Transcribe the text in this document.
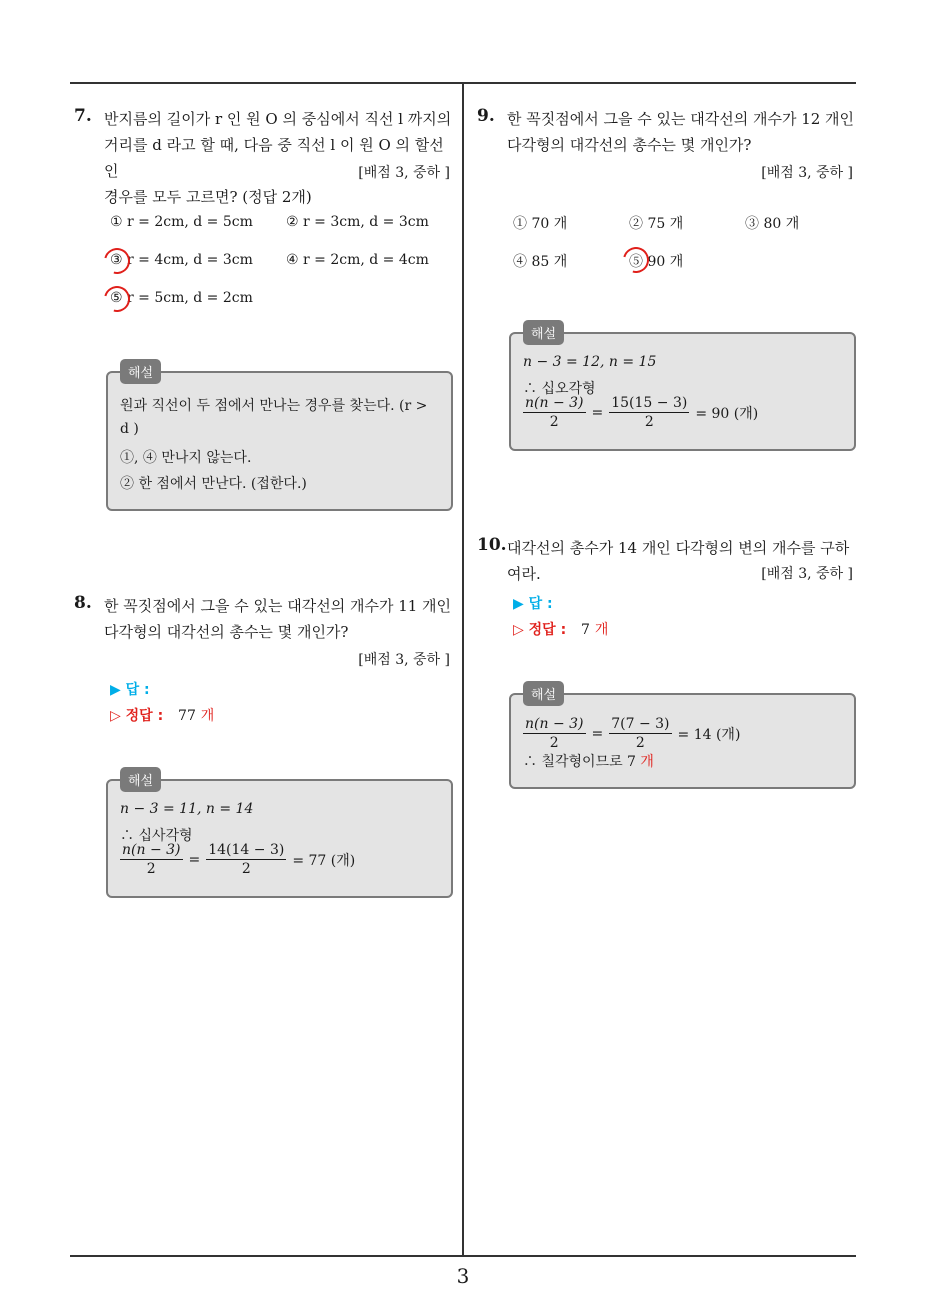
7. 반지름의 길이가 r 인 원 O 의 중심에서 직선 l 까지의
거리를 d 라고 할 때, 다음 중 직선 l 이 원 O 의 할선인
경우를 모두 고르면? (정답 2개)
[배점 3, 중하 ]
① r = 2cm, d = 5cm ② r = 3cm, d = 3cm
③ r = 4cm, d = 3cm ④ r = 2cm, d = 4cm
⑤ r = 5cm, d = 2cm
해설
원과 직선이 두 점에서 만나는 경우를 찾는다. (r >
d )
①, ④ 만나지 않는다.
② 한 점에서 만난다. (접한다.)
8. 한 꼭짓점에서 그을 수 있는 대각선의 개수가 11 개인
다각형의 대각선의 총수는 몇 개인가?
[배점 3, 중하 ]
▶ 답 :
▷ 정답 : 77 개
해설
n − 3 = 11, n = 14
∴ 십사각형
$\frac{n(n - 3)}{2} = \frac{14(14 - 3)}{2} = 77$ (개)
9. 한 꼭짓점에서 그을 수 있는 대각선의 개수가 12 개인
다각형의 대각선의 총수는 몇 개인가?
[배점 3, 중하 ]
① 70 개	② 75 개	③ 80 개
④ 85 개	⑤ 90 개
해설
n − 3 = 12, n = 15
∴ 십오각형
$\frac{n(n - 3)}{2} = \frac{15(15 - 3)}{2} = 90$ (개)
10. 대각선의 총수가 14 개인 다각형의 변의 개수를 구하
여라.	[배점 3, 중하 ]
▶ 답 :
▷ 정답 : 7 개
해설
$\frac{n(n - 3)}{2} = \frac{7(7 - 3)}{2} = 14$ (개)
∴ 칠각형이므로 7 개
3
